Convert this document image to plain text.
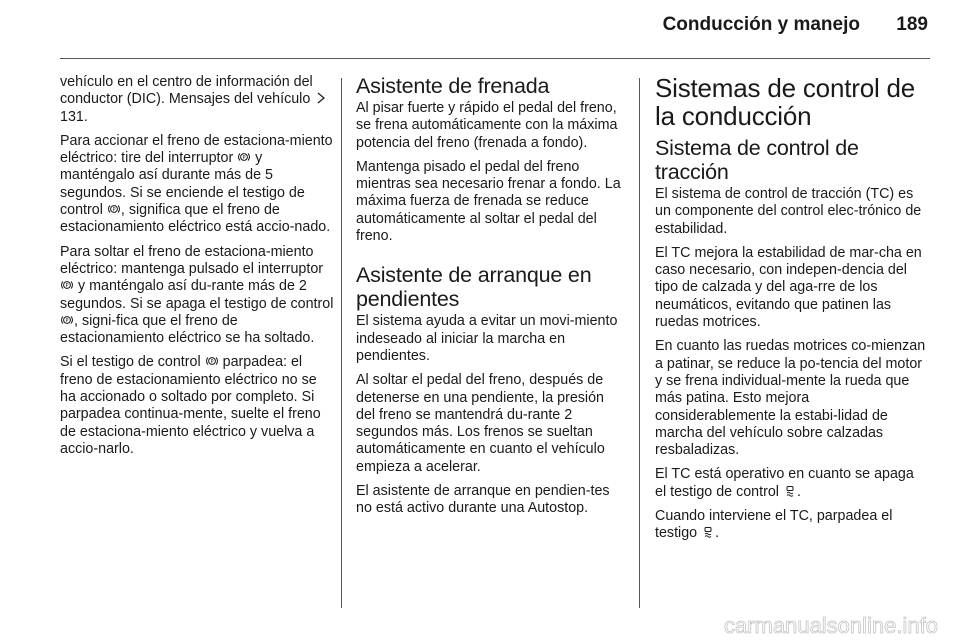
Conducción y manejo	189

vehículo en el centro de información del conductor (DIC). Mensajes del vehículo
131.

Para accionar el freno de estaciona-miento eléctrico: tire del interruptor P y manténgalo así durante más de 5 segundos. Si se enciende el testigo de control P , significa que el freno de estacionamiento eléctrico está accio-nado.

Para soltar el freno de estaciona-miento eléctrico: mantenga pulsado el interruptor
P y manténgalo así du-rante más de 2 segundos. Si se apaga el testigo de control
P , signi-fica que el freno de estacionamiento eléctrico se ha soltado.

Si el testigo de control P parpadea: el freno de estacionamiento eléctrico no se ha accionado o soltado por completo. Si parpadea continua-mente, suelte el freno de estaciona-miento eléctrico y vuelva a accio-narlo.

Asistente de frenada

Al pisar fuerte y rápido el pedal del freno, se frena automáticamente con la máxima potencia del freno (frenada a fondo).

Mantenga pisado el pedal del freno mientras sea necesario frenar a fondo. La máxima fuerza de frenada se reduce automáticamente al soltar el pedal del freno.

Asistente de arranque en pendientes

El sistema ayuda a evitar un movi-miento indeseado al iniciar la marcha en pendientes.

Al soltar el pedal del freno, después de detenerse en una pendiente, la presión del freno se mantendrá du-rante 2 segundos más. Los frenos se sueltan automáticamente en cuanto el vehículo empieza a acelerar.

El asistente de arranque en pendien-tes no está activo durante una Autostop.

Sistemas de control de la conducción
Sistema de control de tracción

El sistema de control de tracción (TC) es un componente del control elec-trónico de estabilidad.

El TC mejora la estabilidad de mar-cha en caso necesario, con indepen-dencia del tipo de calzada y del aga-rre de los neumáticos, evitando que patinen las ruedas motrices.

En cuanto las ruedas motrices co-mienzan a patinar, se reduce la po-tencia del motor y se frena individual-mente la rueda que más patina. Esto mejora considerablemente la estabi-lidad de marcha del vehículo sobre calzadas resbaladizas.

El TC está operativo en cuanto se apaga el testigo de control
.

Cuando interviene el TC, parpadea el testigo
.

carmanualsonline.info
